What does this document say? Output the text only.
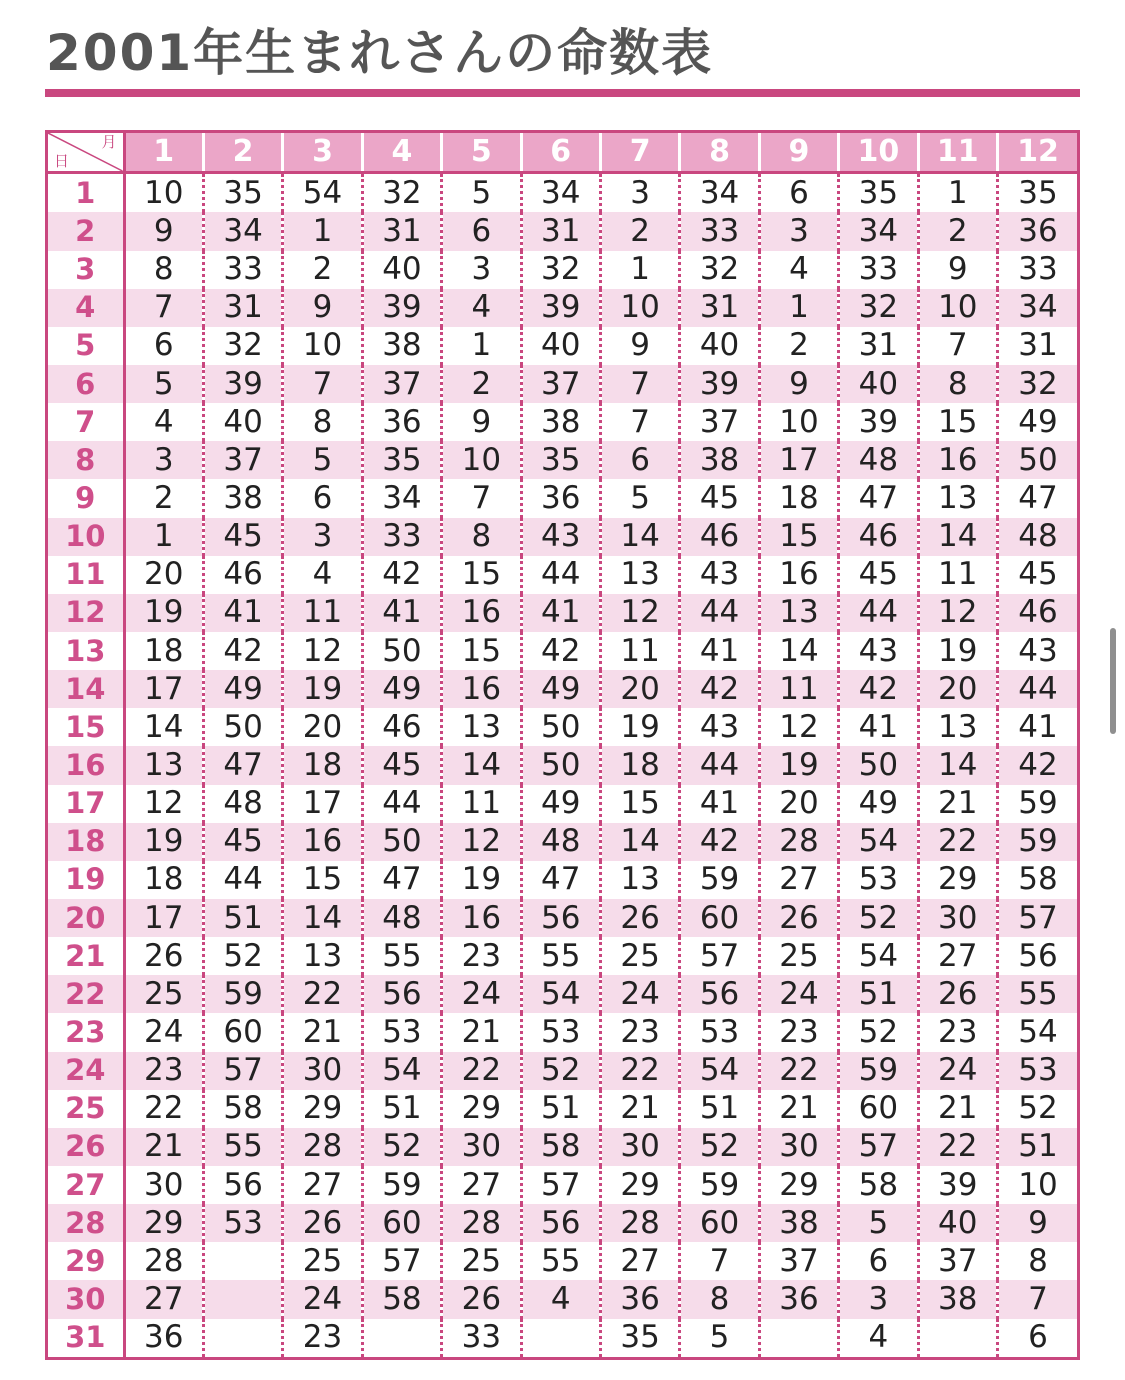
2001年生まれさんの命数表
月
日	1	2	3	4	5	6	7	8	9	10	11	12
1	10	35	54	32	5	34	3	34	6	35	1	35
2	9	34	1	31	6	31	2	33	3	34	2	36
3	8	33	2	40	3	32	1	32	4	33	9	33
4	7	31	9	39	4	39	10	31	1	32	10	34
5	6	32	10	38	1	40	9	40	2	31	7	31
6	5	39	7	37	2	37	7	39	9	40	8	32
7	4	40	8	36	9	38	7	37	10	39	15	49
8	3	37	5	35	10	35	6	38	17	48	16	50
9	2	38	6	34	7	36	5	45	18	47	13	47
10	1	45	3	33	8	43	14	46	15	46	14	48
11	20	46	4	42	15	44	13	43	16	45	11	45
12	19	41	11	41	16	41	12	44	13	44	12	46
13	18	42	12	50	15	42	11	41	14	43	19	43
14	17	49	19	49	16	49	20	42	11	42	20	44
15	14	50	20	46	13	50	19	43	12	41	13	41
16	13	47	18	45	14	50	18	44	19	50	14	42
17	12	48	17	44	11	49	15	41	20	49	21	59
18	19	45	16	50	12	48	14	42	28	54	22	59
19	18	44	15	47	19	47	13	59	27	53	29	58
20	17	51	14	48	16	56	26	60	26	52	30	57
21	26	52	13	55	23	55	25	57	25	54	27	56
22	25	59	22	56	24	54	24	56	24	51	26	55
23	24	60	21	53	21	53	23	53	23	52	23	54
24	23	57	30	54	22	52	22	54	22	59	24	53
25	22	58	29	51	29	51	21	51	21	60	21	52
26	21	55	28	52	30	58	30	52	30	57	22	51
27	30	56	27	59	27	57	29	59	29	58	39	10
28	29	53	26	60	28	56	28	60	38	5	40	9
29	28		25	57	25	55	27	7	37	6	37	8
30	27		24	58	26	4	36	8	36	3	38	7
31	36		23		33		35	5		4		6
